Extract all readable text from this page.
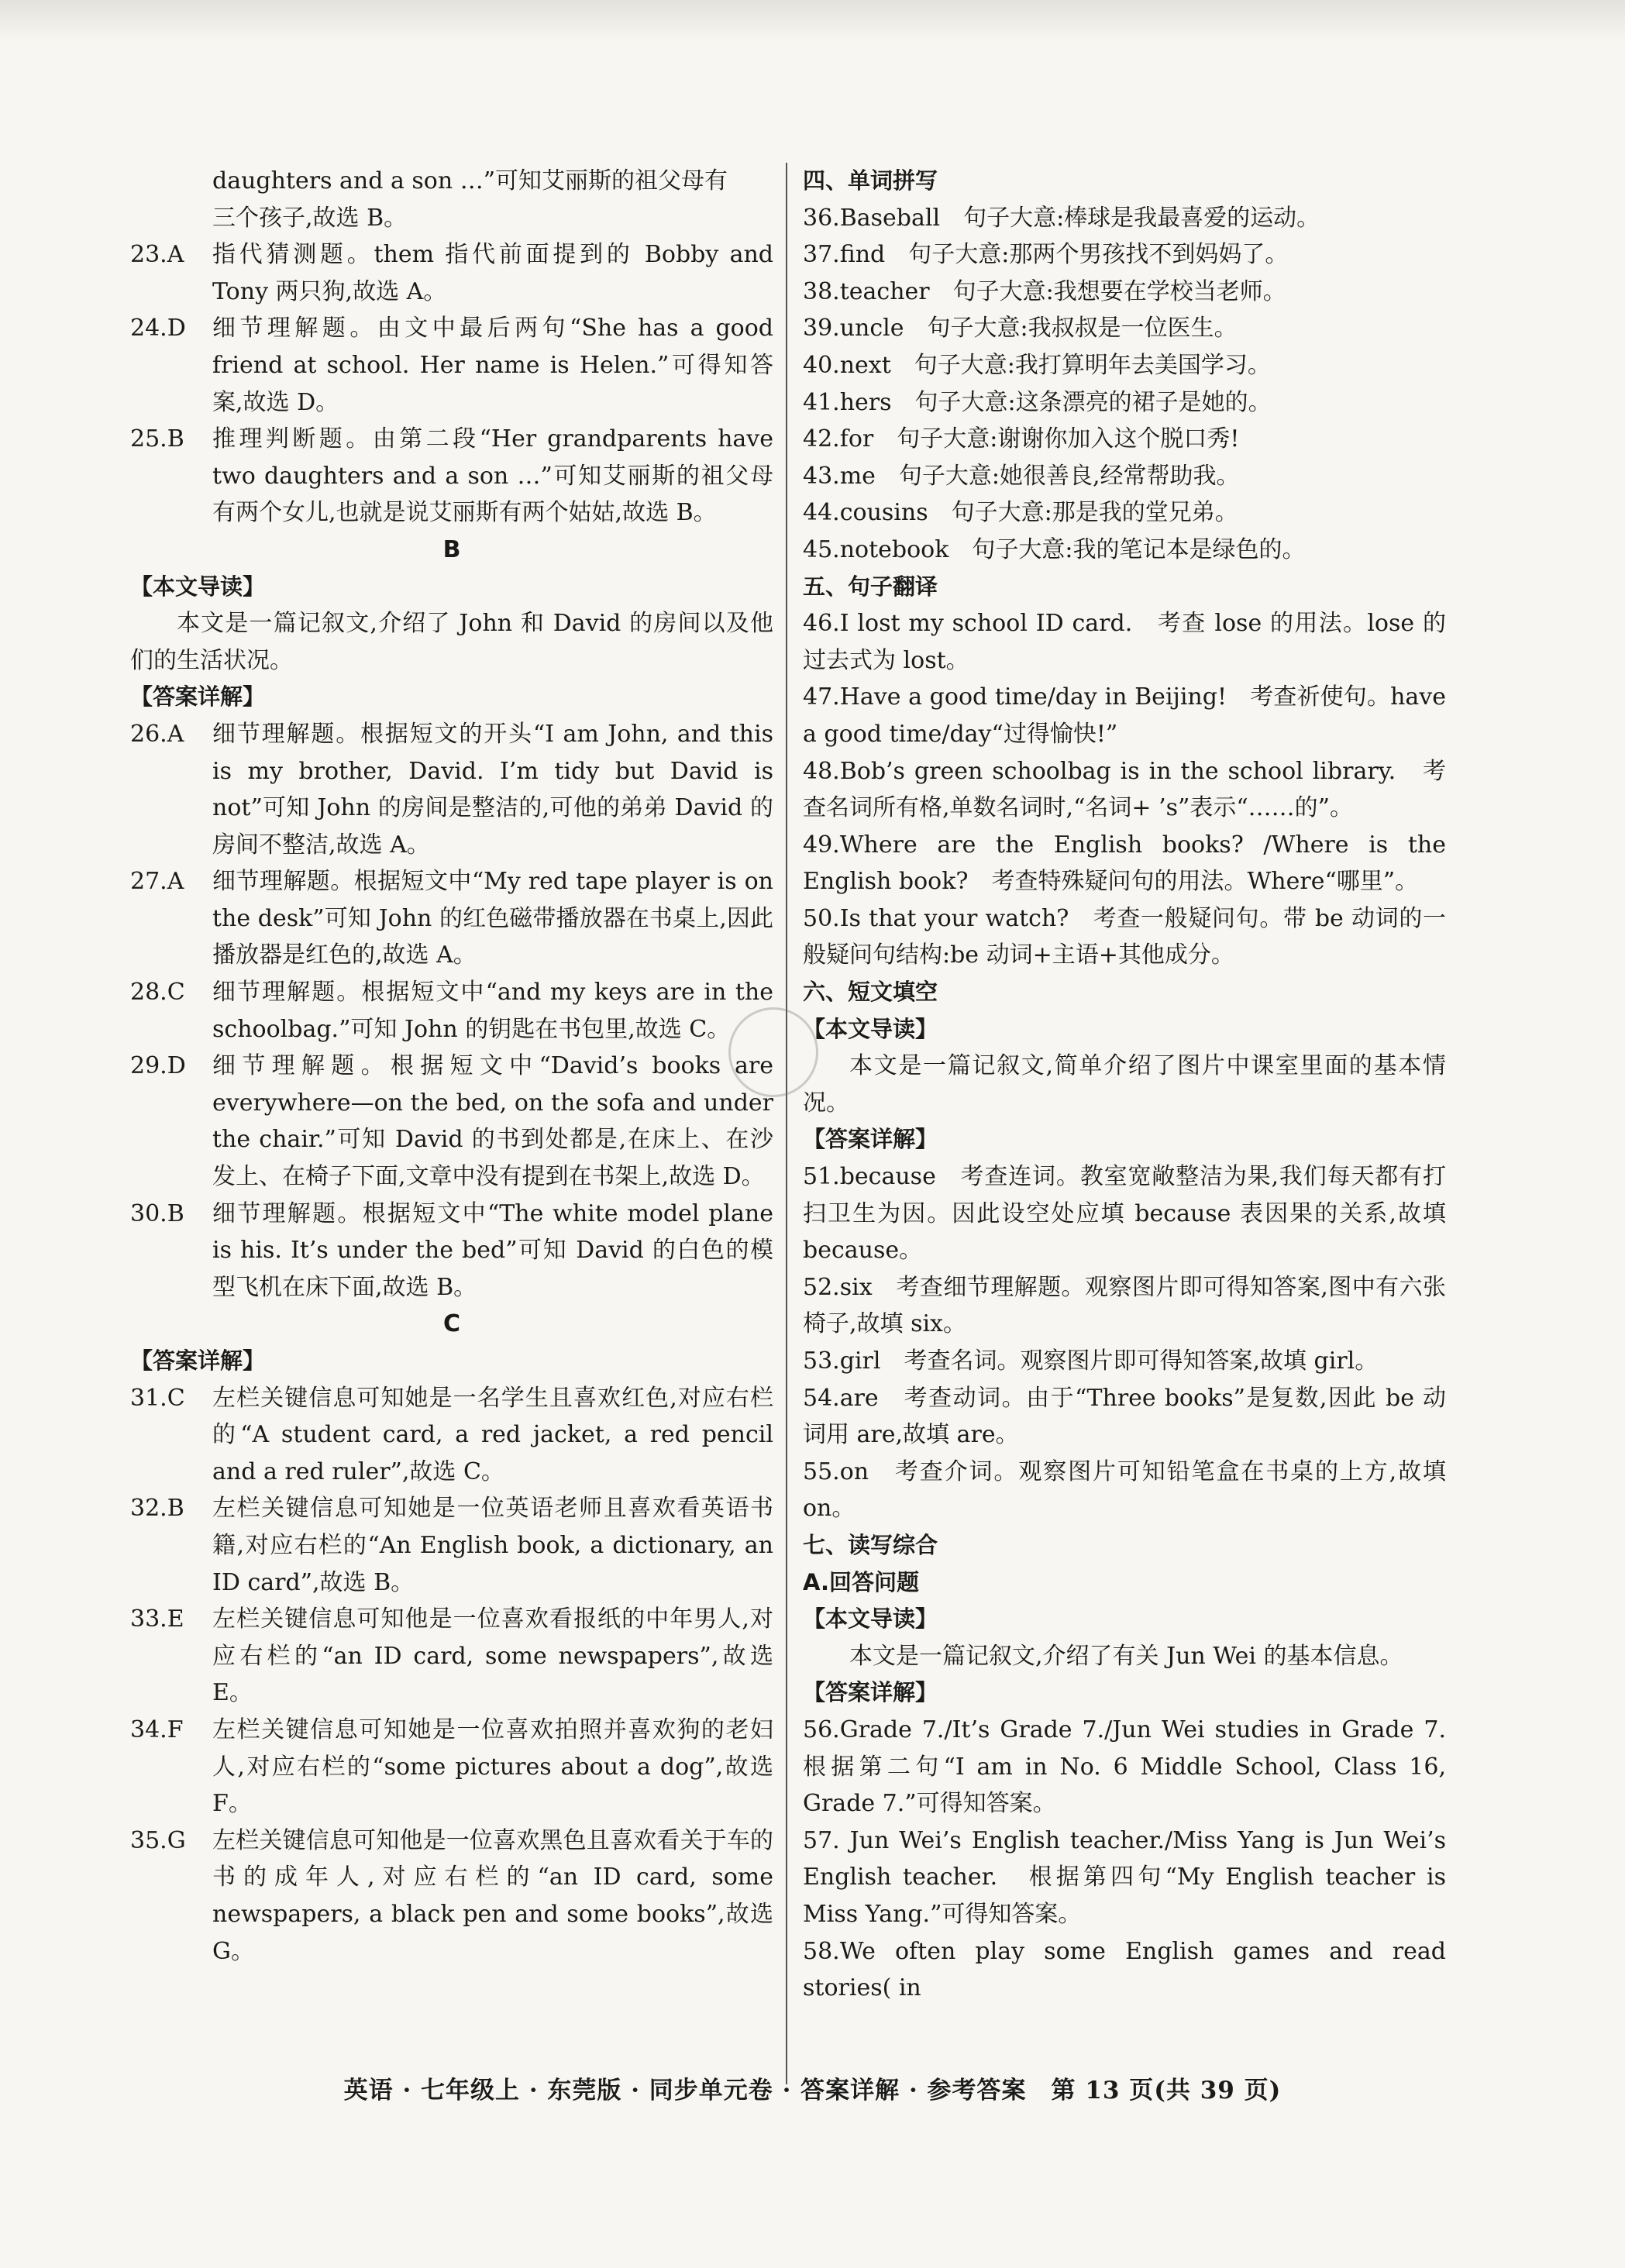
daughters and a son …”可知艾丽斯的祖父母有
三个孩子,故选 B。
23.A	指代猜测题。them 指代前面提到的 Bobby and Tony 两只狗,故选 A。
24.D	细节理解题。由文中最后两句“She has a good friend at school. Her name is Helen.”可得知答案,故选 D。
25.B	推理判断题。由第二段“Her grandparents have two daughters and a son …”可知艾丽斯的祖父母有两个女儿,也就是说艾丽斯有两个姑姑,故选 B。
B
【本文导读】
本文是一篇记叙文,介绍了 John 和 David 的房间以及他们的生活状况。
【答案详解】
26.A	细节理解题。根据短文的开头“I am John, and this is my brother, David. I’m tidy but David is not”可知 John 的房间是整洁的,可他的弟弟 David 的房间不整洁,故选 A。
27.A	细节理解题。根据短文中“My red tape player is on the desk”可知 John 的红色磁带播放器在书桌上,因此播放器是红色的,故选 A。
28.C	细节理解题。根据短文中“and my keys are in the schoolbag.”可知 John 的钥匙在书包里,故选 C。
29.D	细节理解题。根据短文中“David’s books are everywhere—on the bed, on the sofa and under the chair.”可知 David 的书到处都是,在床上、在沙发上、在椅子下面,文章中没有提到在书架上,故选 D。
30.B	细节理解题。根据短文中“The white model plane is his. It’s under the bed”可知 David 的白色的模型飞机在床下面,故选 B。
C
【答案详解】
31.C	左栏关键信息可知她是一名学生且喜欢红色,对应右栏的“A student card, a red jacket, a red pencil and a red ruler”,故选 C。
32.B	左栏关键信息可知她是一位英语老师且喜欢看英语书籍,对应右栏的“An English book, a dictionary, an ID card”,故选 B。
33.E	左栏关键信息可知他是一位喜欢看报纸的中年男人,对应右栏的“an ID card, some newspapers”,故选 E。
34.F	左栏关键信息可知她是一位喜欢拍照并喜欢狗的老妇人,对应右栏的“some pictures about a dog”,故选 F。
35.G	左栏关键信息可知他是一位喜欢黑色且喜欢看关于车的书的成年人,对应右栏的“an ID card, some newspapers, a black pen and some books”,故选 G。
四、单词拼写
36.Baseball　句子大意:棒球是我最喜爱的运动。
37.find　句子大意:那两个男孩找不到妈妈了。
38.teacher　句子大意:我想要在学校当老师。
39.uncle　句子大意:我叔叔是一位医生。
40.next　句子大意:我打算明年去美国学习。
41.hers　句子大意:这条漂亮的裙子是她的。
42.for　句子大意:谢谢你加入这个脱口秀!
43.me　句子大意:她很善良,经常帮助我。
44.cousins　句子大意:那是我的堂兄弟。
45.notebook　句子大意:我的笔记本是绿色的。
五、句子翻译
46.I lost my school ID card.　考查 lose 的用法。lose 的过去式为 lost。
47.Have a good time/day in Beijing!　考查祈使句。have a good time/day“过得愉快!”
48.Bob’s green schoolbag is in the school library.　考查名词所有格,单数名词时,“名词+ ’s”表示“……的”。
49.Where are the English books? /Where is the English book?　考查特殊疑问句的用法。Where“哪里”。
50.Is that your watch?　考查一般疑问句。带 be 动词的一般疑问句结构:be 动词+主语+其他成分。
六、短文填空
【本文导读】
本文是一篇记叙文,简单介绍了图片中课室里面的基本情况。
【答案详解】
51.because　考查连词。教室宽敞整洁为果,我们每天都有打扫卫生为因。因此设空处应填 because 表因果的关系,故填 because。
52.six　考查细节理解题。观察图片即可得知答案,图中有六张椅子,故填 six。
53.girl　考查名词。观察图片即可得知答案,故填 girl。
54.are　考查动词。由于“Three books”是复数,因此 be 动词用 are,故填 are。
55.on　考查介词。观察图片可知铅笔盒在书桌的上方,故填 on。
七、读写综合
A.回答问题
【本文导读】
本文是一篇记叙文,介绍了有关 Jun Wei 的基本信息。
【答案详解】
56.Grade 7./It’s Grade 7./Jun Wei studies in Grade 7. 根据第二句“I am in No. 6 Middle School, Class 16, Grade 7.”可得知答案。
57. Jun Wei’s English teacher./Miss Yang is Jun Wei’s English teacher.　根据第四句“My English teacher is Miss Yang.”可得知答案。
58.We often play some English games and read stories( in
英语 · 七年级上 · 东莞版 · 同步单元卷 · 答案详解 · 参考答案　第 13 页(共 39 页)
